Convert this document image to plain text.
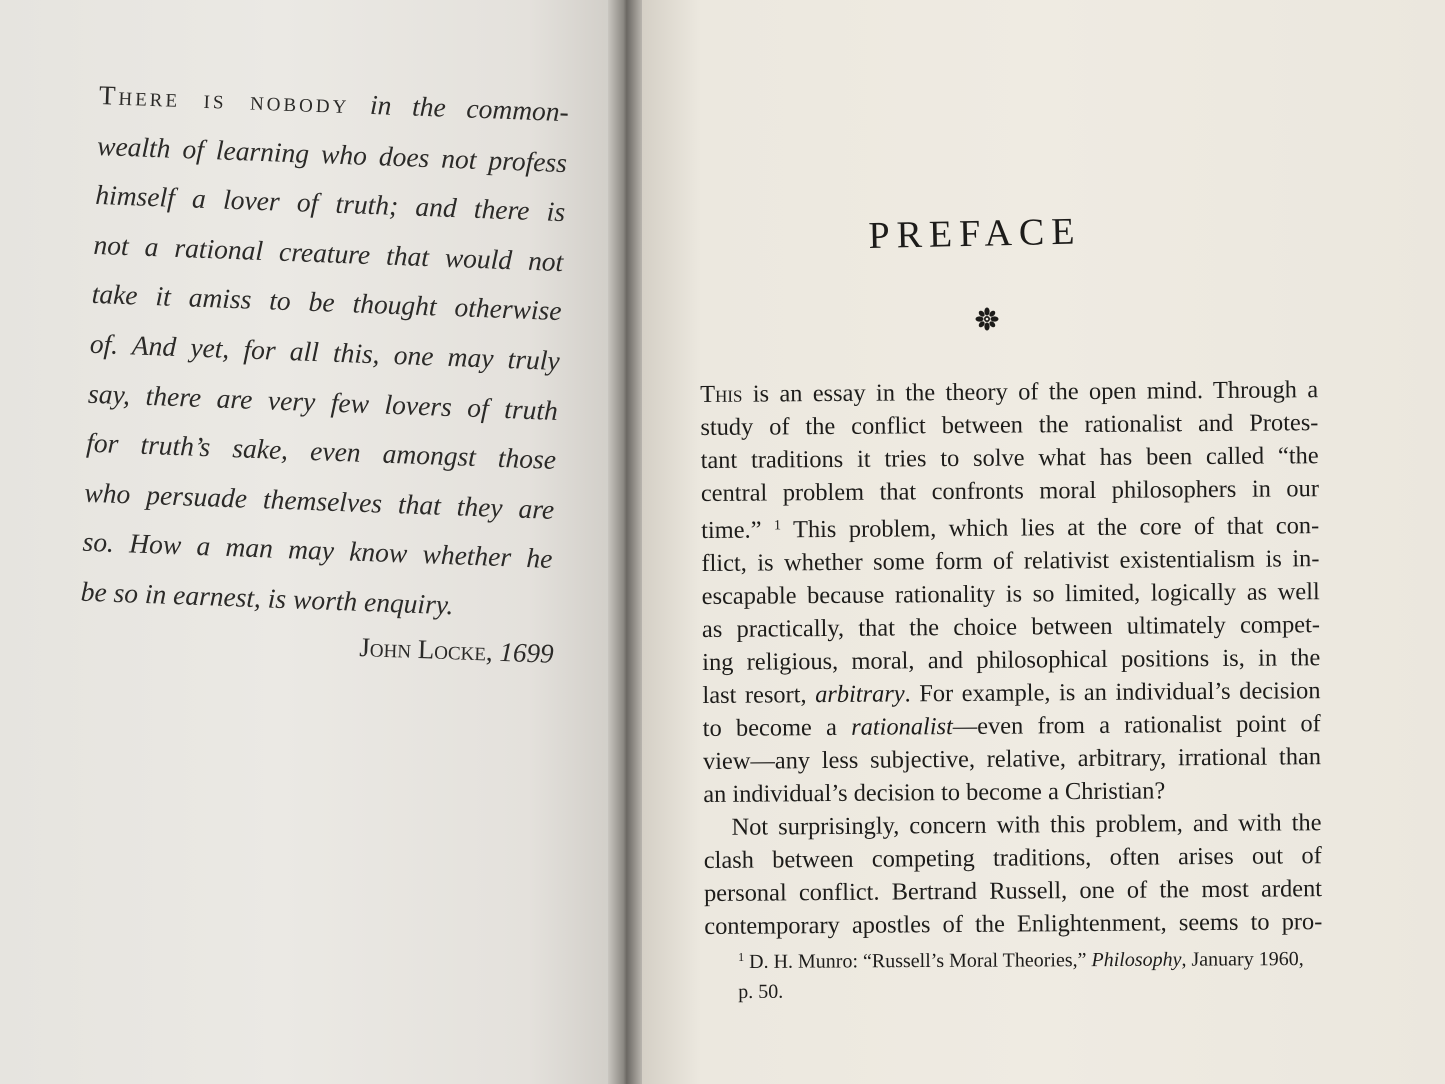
There is nobody in the common-
wealth of learning who does not profess
himself a lover of truth; and there is
not a rational creature that would not
take it amiss to be thought otherwise
of. And yet, for all this, one may truly
say, there are very few lovers of truth
for truth’s sake, even amongst those
who persuade themselves that they are
so. How a man may know whether he
be so in earnest, is worth enquiry.
John Locke, 1699
PREFACE
This is an essay in the theory of the open mind. Through a
study of the conflict between the rationalist and Protes-
tant traditions it tries to solve what has been called “the
central problem that confronts moral philosophers in our
time.” $^1$ This problem, which lies at the core of that con-
flict, is whether some form of relativist existentialism is in-
escapable because rationality is so limited, logically as well
as practically, that the choice between ultimately compet-
ing religious, moral, and philosophical positions is, in the
last resort, arbitrary. For example, is an individual’s decision
to become a rationalist—even from a rationalist point of
view—any less subjective, relative, arbitrary, irrational than
an individual’s decision to become a Christian?
Not surprisingly, concern with this problem, and with the
clash between competing traditions, often arises out of
personal conflict. Bertrand Russell, one of the most ardent
contemporary apostles of the Enlightenment, seems to pro-
$^1$ D. H. Munro: “Russell’s Moral Theories,” Philosophy, January 1960,
p. 50.
